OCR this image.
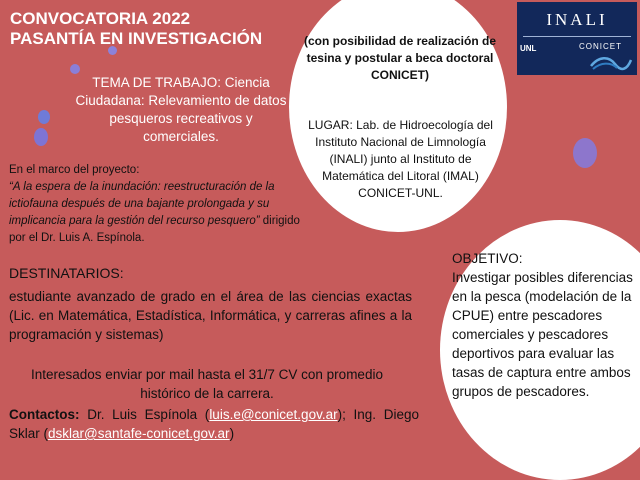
CONVOCATORIA 2022
PASANTÍA EN INVESTIGACIÓN
INALI
UNL	CONICET
(con posibilidad de realización de tesina y postular a beca doctoral CONICET)
LUGAR: Lab. de Hidroecología del Instituto Nacional de Limnología (INALI) junto al Instituto de Matemática del Litoral (IMAL) CONICET-UNL.
TEMA DE TRABAJO: Ciencia Ciudadana: Relevamiento de datos pesqueros recreativos y comerciales.
En el marco del proyecto:
“A la espera de la inundación: reestructuración de la ictiofauna después de una bajante prolongada y su implicancia para la gestión del recurso pesquero” dirigido por el Dr. Luis A. Espínola.
DESTINATARIOS:
estudiante avanzado de grado en el área de las ciencias exactas (Lic. en Matemática, Estadística, Informática, y carreras afines a la programación y sistemas)
Interesados enviar por mail hasta el 31/7 CV con promedio histórico de la carrera.
Contactos: Dr. Luis Espínola (luis.e@conicet.gov.ar); Ing. Diego Sklar (dsklar@santafe-conicet.gov.ar)
OBJETIVO:
Investigar posibles diferencias en la pesca (modelación de la CPUE) entre pescadores comerciales y pescadores deportivos para evaluar las tasas de captura entre ambos grupos de pescadores.
